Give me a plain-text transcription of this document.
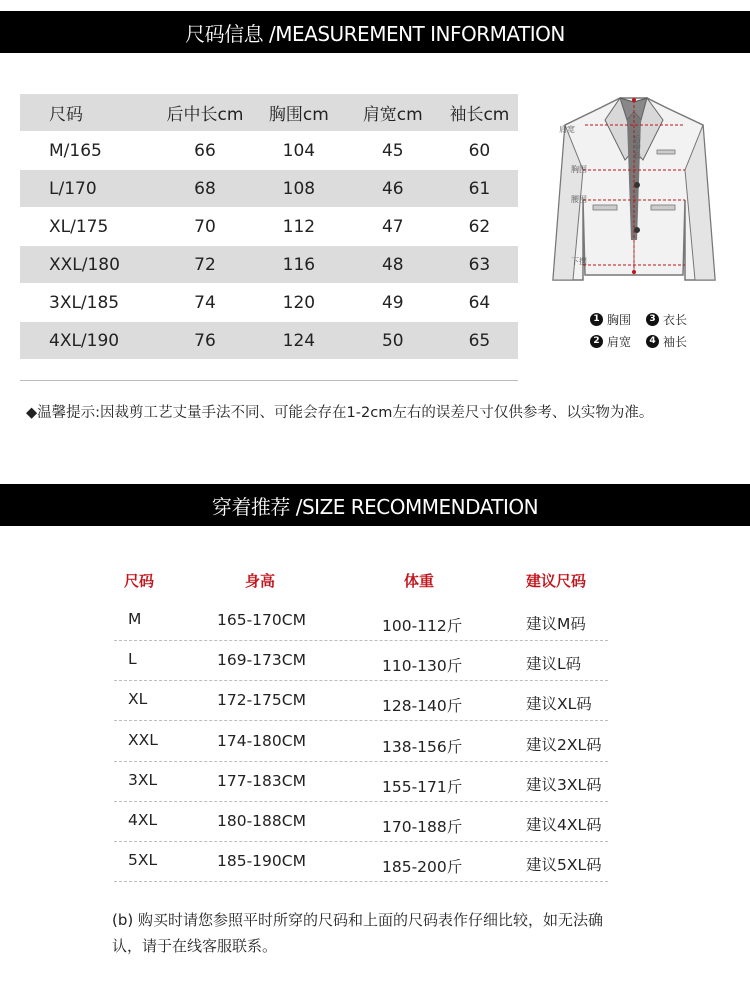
尺码信息 /MEASUREMENT INFORMATION
尺码	后中长cm	胸围cm	肩宽cm	袖长cm
M/165	66	104	45	60
L/170	68	108	46	61
XL/175	70	112	47	62
XXL/180	72	116	48	63
3XL/185	74	120	49	64
4XL/190	76	124	50	65
肩宽
胸围
腰围
下摆
后中长
1 胸围	3 衣长
2 肩宽	4 袖长
◆温馨提示:因裁剪工艺丈量手法不同、可能会存在1-2cm左右的误差尺寸仅供参考、以实物为准。
穿着推荐 /SIZE RECOMMENDATION
尺码	身高	体重	建议尺码
M	165-170CM	100-112斤	建议M码
L	169-173CM	110-130斤	建议L码
XL	172-175CM	128-140斤	建议XL码
XXL	174-180CM	138-156斤	建议2XL码
3XL	177-183CM	155-171斤	建议3XL码
4XL	180-188CM	170-188斤	建议4XL码
5XL	185-190CM	185-200斤	建议5XL码
(b) 购买时请您参照平时所穿的尺码和上面的尺码表作仔细比较，如无法确认，请于在线客服联系。
